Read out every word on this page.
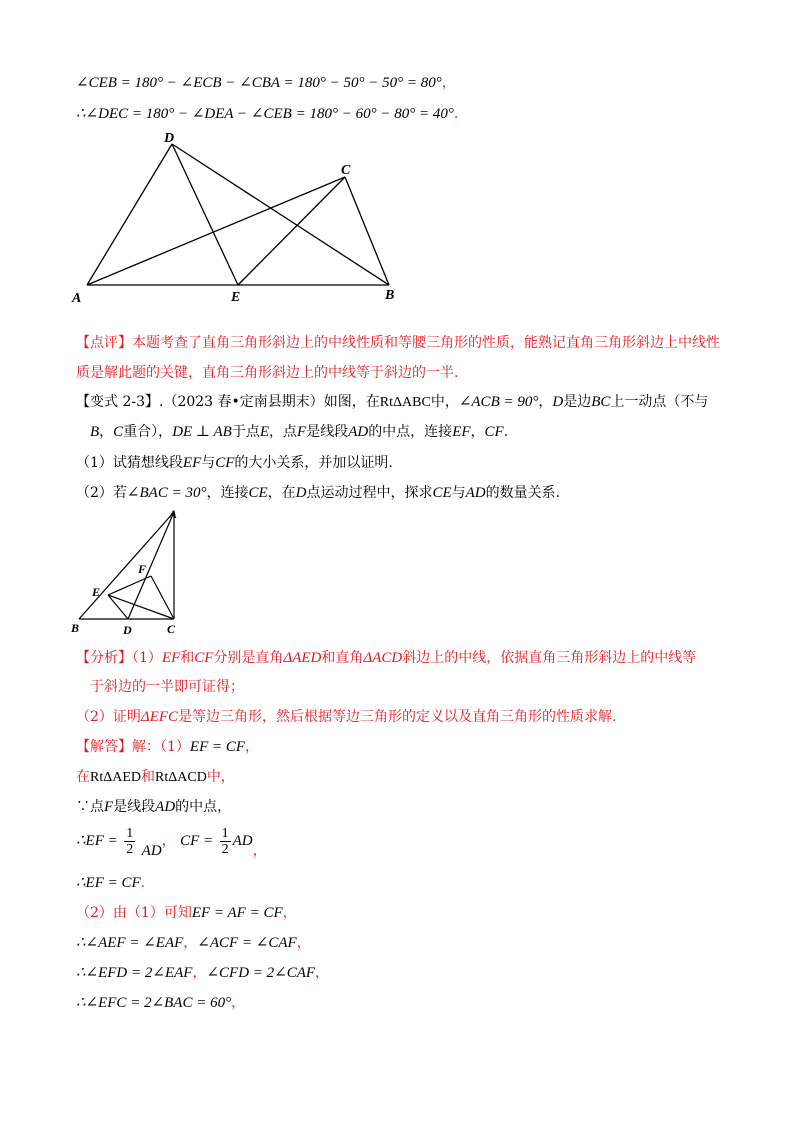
∠CEB = 180° − ∠ECB − ∠CBA = 180° − 50° − 50° = 80°，
∴∠DEC = 180° − ∠DEA − ∠CEB = 180° − 60° − 80° = 40°.
D
C
A	E	B
【点评】本题考查了直角三角形斜边上的中线性质和等腰三角形的性质，能熟记直角三角形斜边上中线性
质是解此题的关键，直角三角形斜边上的中线等于斜边的一半.
【变式 2-3】.（2023 春•定南县期末）如图，在RtΔABC中，∠ACB = 90°，D是边BC上一动点（不与
B，C重合），DE ⊥ AB于点E，点F是线段AD的中点，连接EF，CF.
（1）试猜想线段EF与CF的大小关系，并加以证明.
（2）若∠BAC = 30°，连接CE，在D点运动过程中，探求CE与AD的数量关系.
A
F
E
B	D	C
【分析】（1）EF和CF分别是直角ΔAED和直角ΔACD斜边上的中线，依据直角三角形斜边上的中线等
于斜边的一半即可证得；
（2）证明ΔEFC是等边三角形，然后根据等边三角形的定义以及直角三角形的性质求解.
【解答】解：（1）EF = CF，
在RtΔAED和RtΔACD中，
∵点F是线段AD的中点，
∴EF = $\frac{1}{2}$ AD， CF = $\frac{1}{2}$ AD，
∴EF = CF.
（2）由（1）可知EF = AF = CF，
∴∠AEF = ∠EAF，∠ACF = ∠CAF，
∴∠EFD = 2∠EAF，∠CFD = 2∠CAF，
∴∠EFC = 2∠BAC = 60°，
